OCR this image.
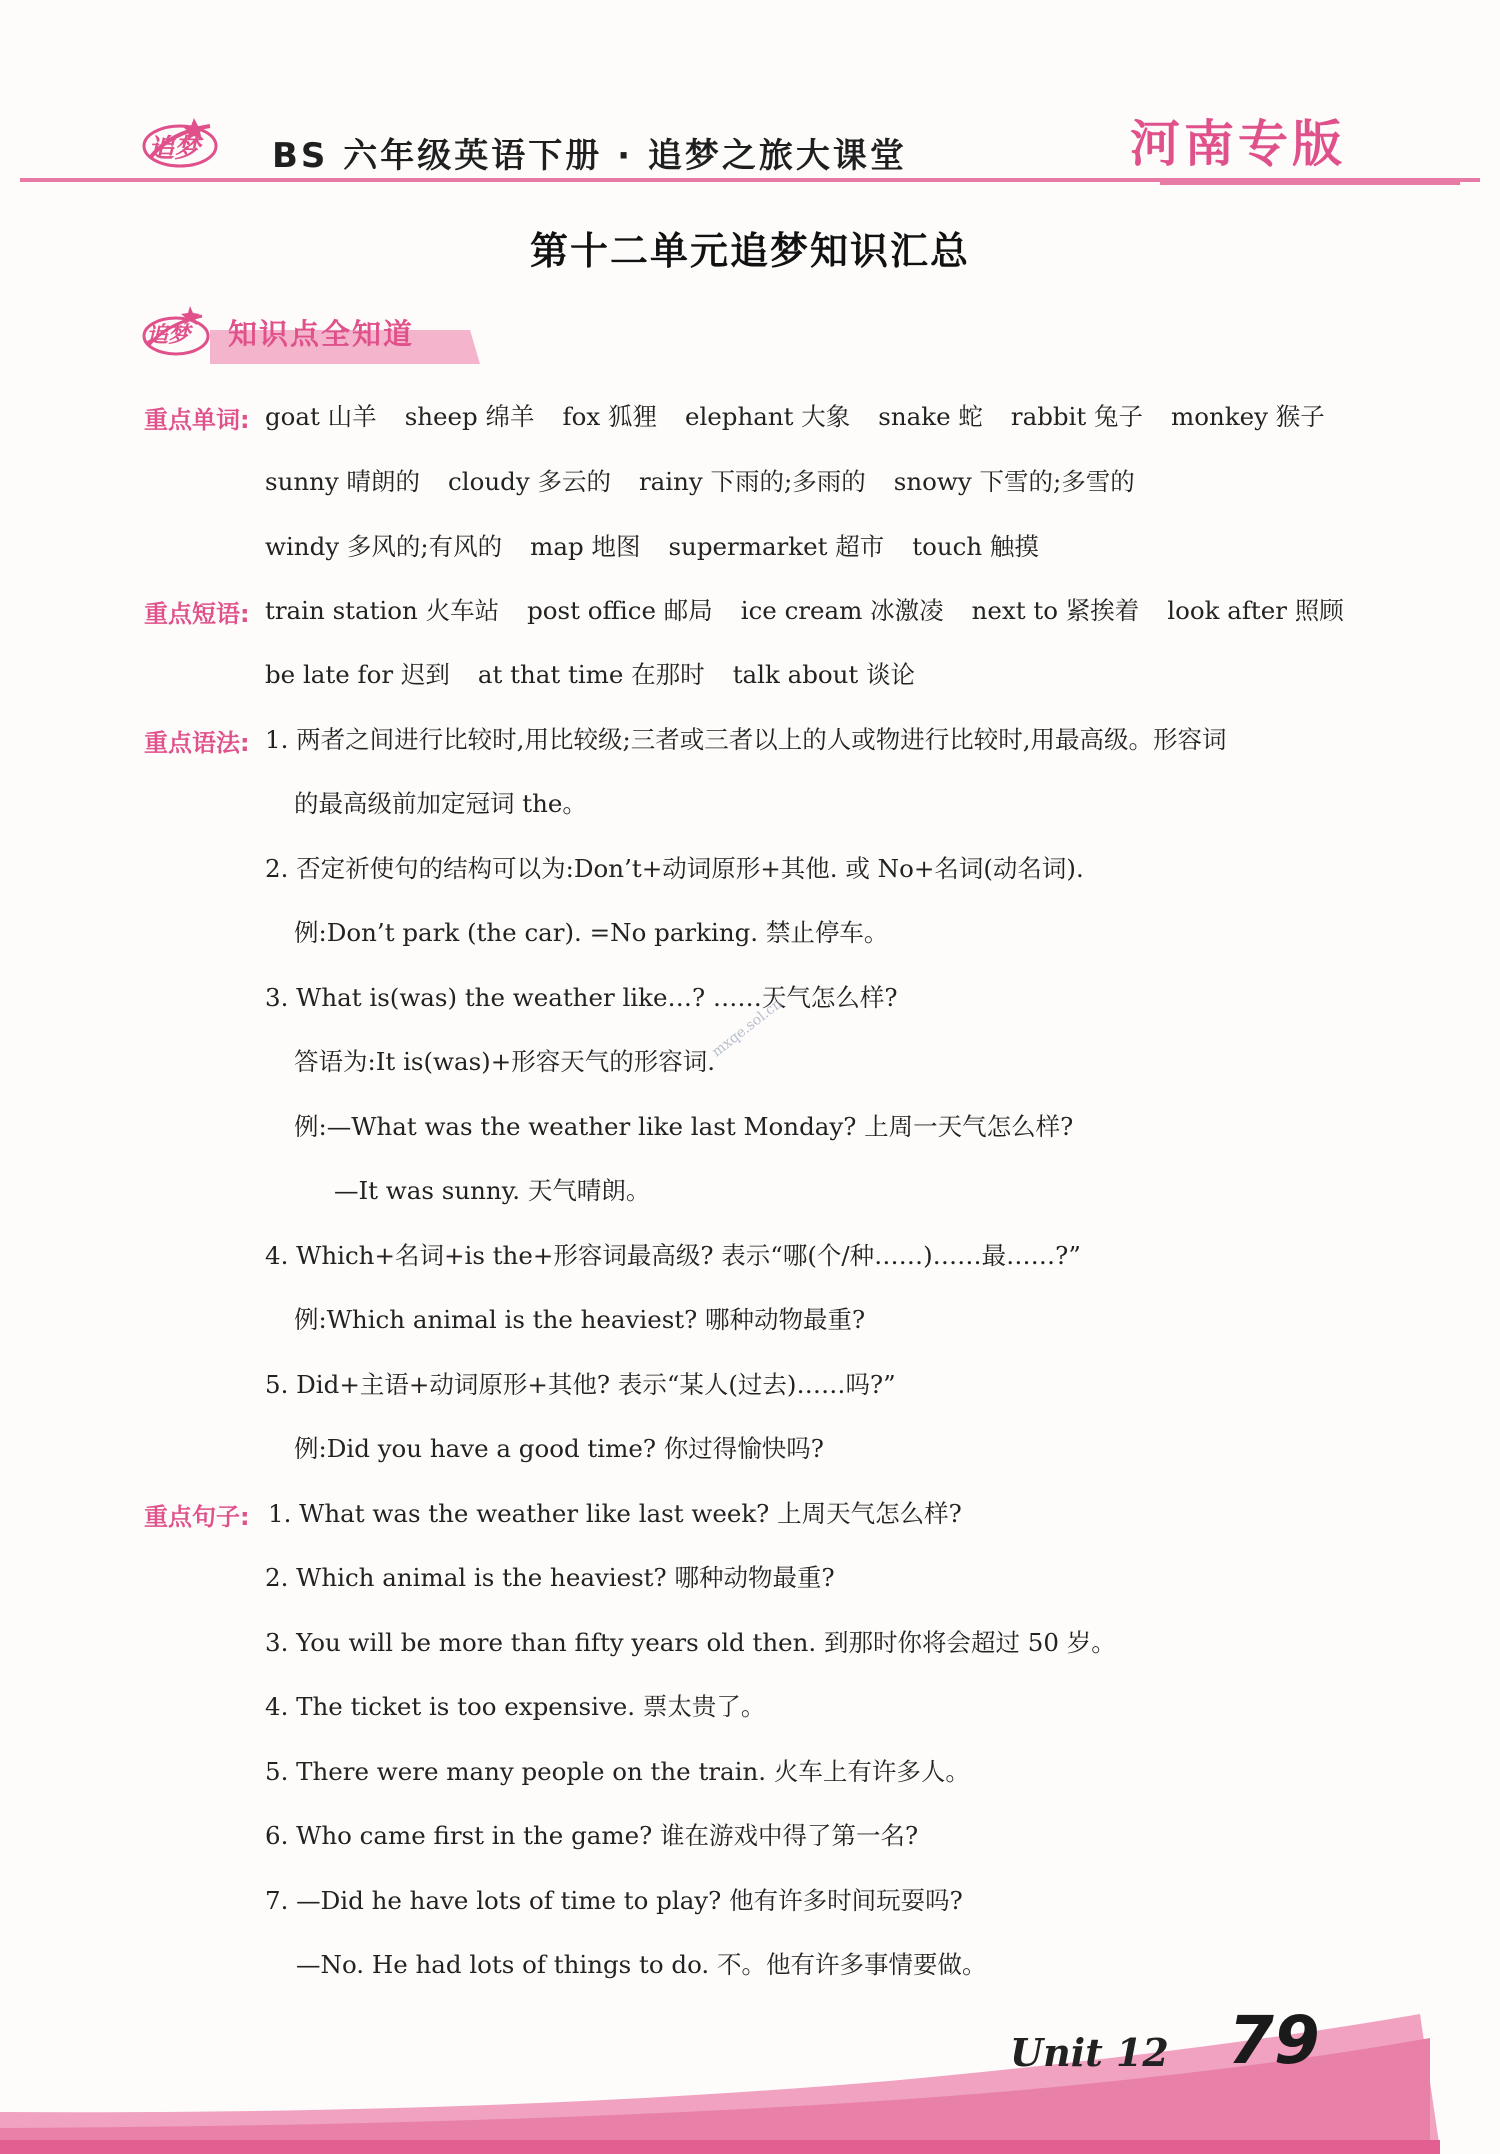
追梦 BS 六年级英语下册 · 追梦之旅大课堂	河南专版
第十二单元追梦知识汇总
追梦 知识点全知道
重点单词: goat 山羊 sheep 绵羊 fox 狐狸 elephant 大象 snake 蛇 rabbit 兔子 monkey 猴子
sunny 晴朗的 cloudy 多云的 rainy 下雨的;多雨的 snowy 下雪的;多雪的
windy 多风的;有风的 map 地图 supermarket 超市 touch 触摸
重点短语: train station 火车站 post office 邮局 ice cream 冰激凌 next to 紧挨着 look after 照顾
be late for 迟到 at that time 在那时 talk about 谈论
重点语法: 1. 两者之间进行比较时,用比较级;三者或三者以上的人或物进行比较时,用最高级。形容词
的最高级前加定冠词 the。
2. 否定祈使句的结构可以为:Don’t+动词原形+其他. 或 No+名词(动名词).
例:Don’t park (the car). =No parking. 禁止停车。
3. What is(was) the weather like…? ……天气怎么样?
答语为:It is(was)+形容天气的形容词.
例:—What was the weather like last Monday? 上周一天气怎么样?
—It was sunny. 天气晴朗。
4. Which+名词+is the+形容词最高级? 表示“哪(个/种……)……最……?”
例:Which animal is the heaviest? 哪种动物最重?
5. Did+主语+动词原形+其他? 表示“某人(过去)……吗?”
例:Did you have a good time? 你过得愉快吗?
mxqe.sol.cn
重点句子: 1. What was the weather like last week? 上周天气怎么样?
2. Which animal is the heaviest? 哪种动物最重?
3. You will be more than fifty years old then. 到那时你将会超过 50 岁。
4. The ticket is too expensive. 票太贵了。
5. There were many people on the train. 火车上有许多人。
6. Who came first in the game? 谁在游戏中得了第一名?
7. —Did he have lots of time to play? 他有许多时间玩耍吗?
—No. He had lots of things to do. 不。他有许多事情要做。
Unit 12 79
